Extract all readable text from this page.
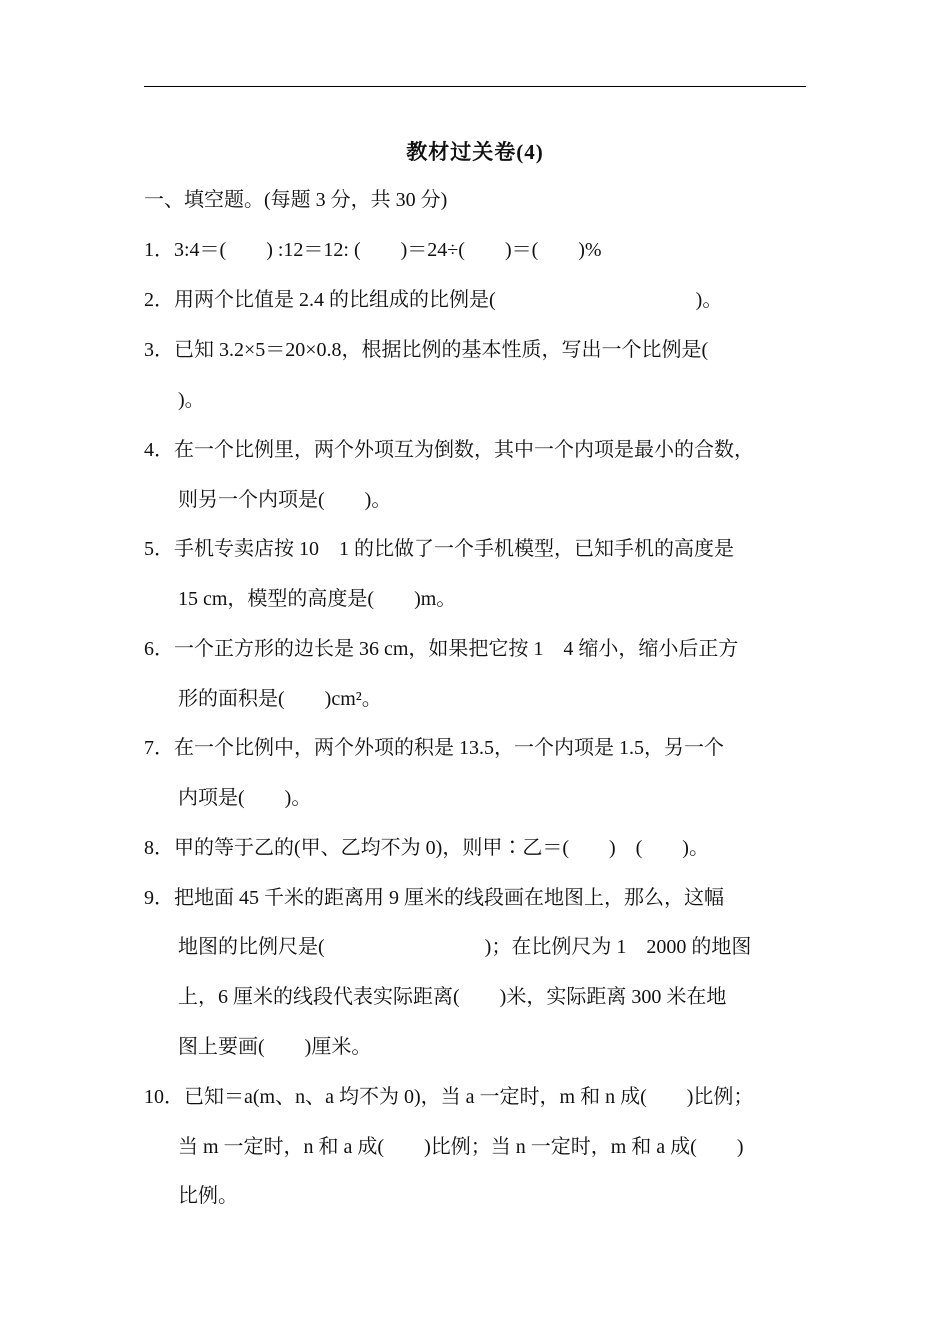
教材过关卷(4)
一、填空题。(每题 3 分，共 30 分)
1．3:4＝(　　) :12＝12: (　　)＝24÷(　　)＝(　　)%
2．用两个比值是 2.4 的比组成的比例是(　　　　　　　　　　)。
3．已知 3.2×5＝20×0.8，根据比例的基本性质，写出一个比例是(
)。
4．在一个比例里，两个外项互为倒数，其中一个内项是最小的合数，
则另一个内项是(　　)。
5．手机专卖店按 10　1 的比做了一个手机模型，已知手机的高度是
15 cm，模型的高度是(　　)m。
6．一个正方形的边长是 36 cm，如果把它按 1　4 缩小，缩小后正方
形的面积是(　　)cm²。
7．在一个比例中，两个外项的积是 13.5，一个内项是 1.5，另一个
内项是(　　)。
8．甲的等于乙的(甲、乙均不为 0)，则甲∶乙＝(　　)　(　　)。
9．把地面 45 千米的距离用 9 厘米的线段画在地图上，那么，这幅
地图的比例尺是(　　　　　　　　)；在比例尺为 1　2000 的地图
上，6 厘米的线段代表实际距离(　　)米，实际距离 300 米在地
图上要画(　　)厘米。
10．已知＝a(m、n、a 均不为 0)，当 a 一定时，m 和 n 成(　　)比例；
当 m 一定时，n 和 a 成(　　)比例；当 n 一定时，m 和 a 成(　　)
比例。
